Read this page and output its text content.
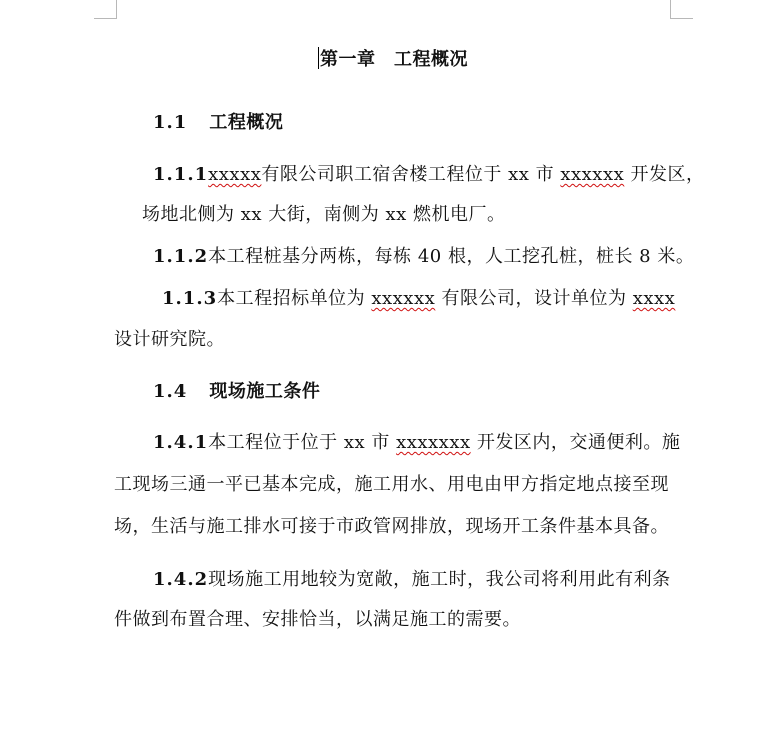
第一章　工程概况
1.1 工程概况
1.1.1xxxxx有限公司职工宿舍楼工程位于 xx 市 xxxxxx 开发区，
场地北侧为 xx 大街，南侧为 xx 燃机电厂。
1.1.2本工程桩基分两栋，每栋 40 根，人工挖孔桩，桩长 8 米。
1.1.3本工程招标单位为 xxxxxx 有限公司，设计单位为 xxxx
设计研究院。
1.4 现场施工条件
1.4.1本工程位于位于 xx 市 xxxxxxx 开发区内，交通便利。施
工现场三通一平已基本完成，施工用水、用电由甲方指定地点接至现
场，生活与施工排水可接于市政管网排放，现场开工条件基本具备。
1.4.2现场施工用地较为宽敞，施工时，我公司将利用此有利条
件做到布置合理、安排恰当，以满足施工的需要。
